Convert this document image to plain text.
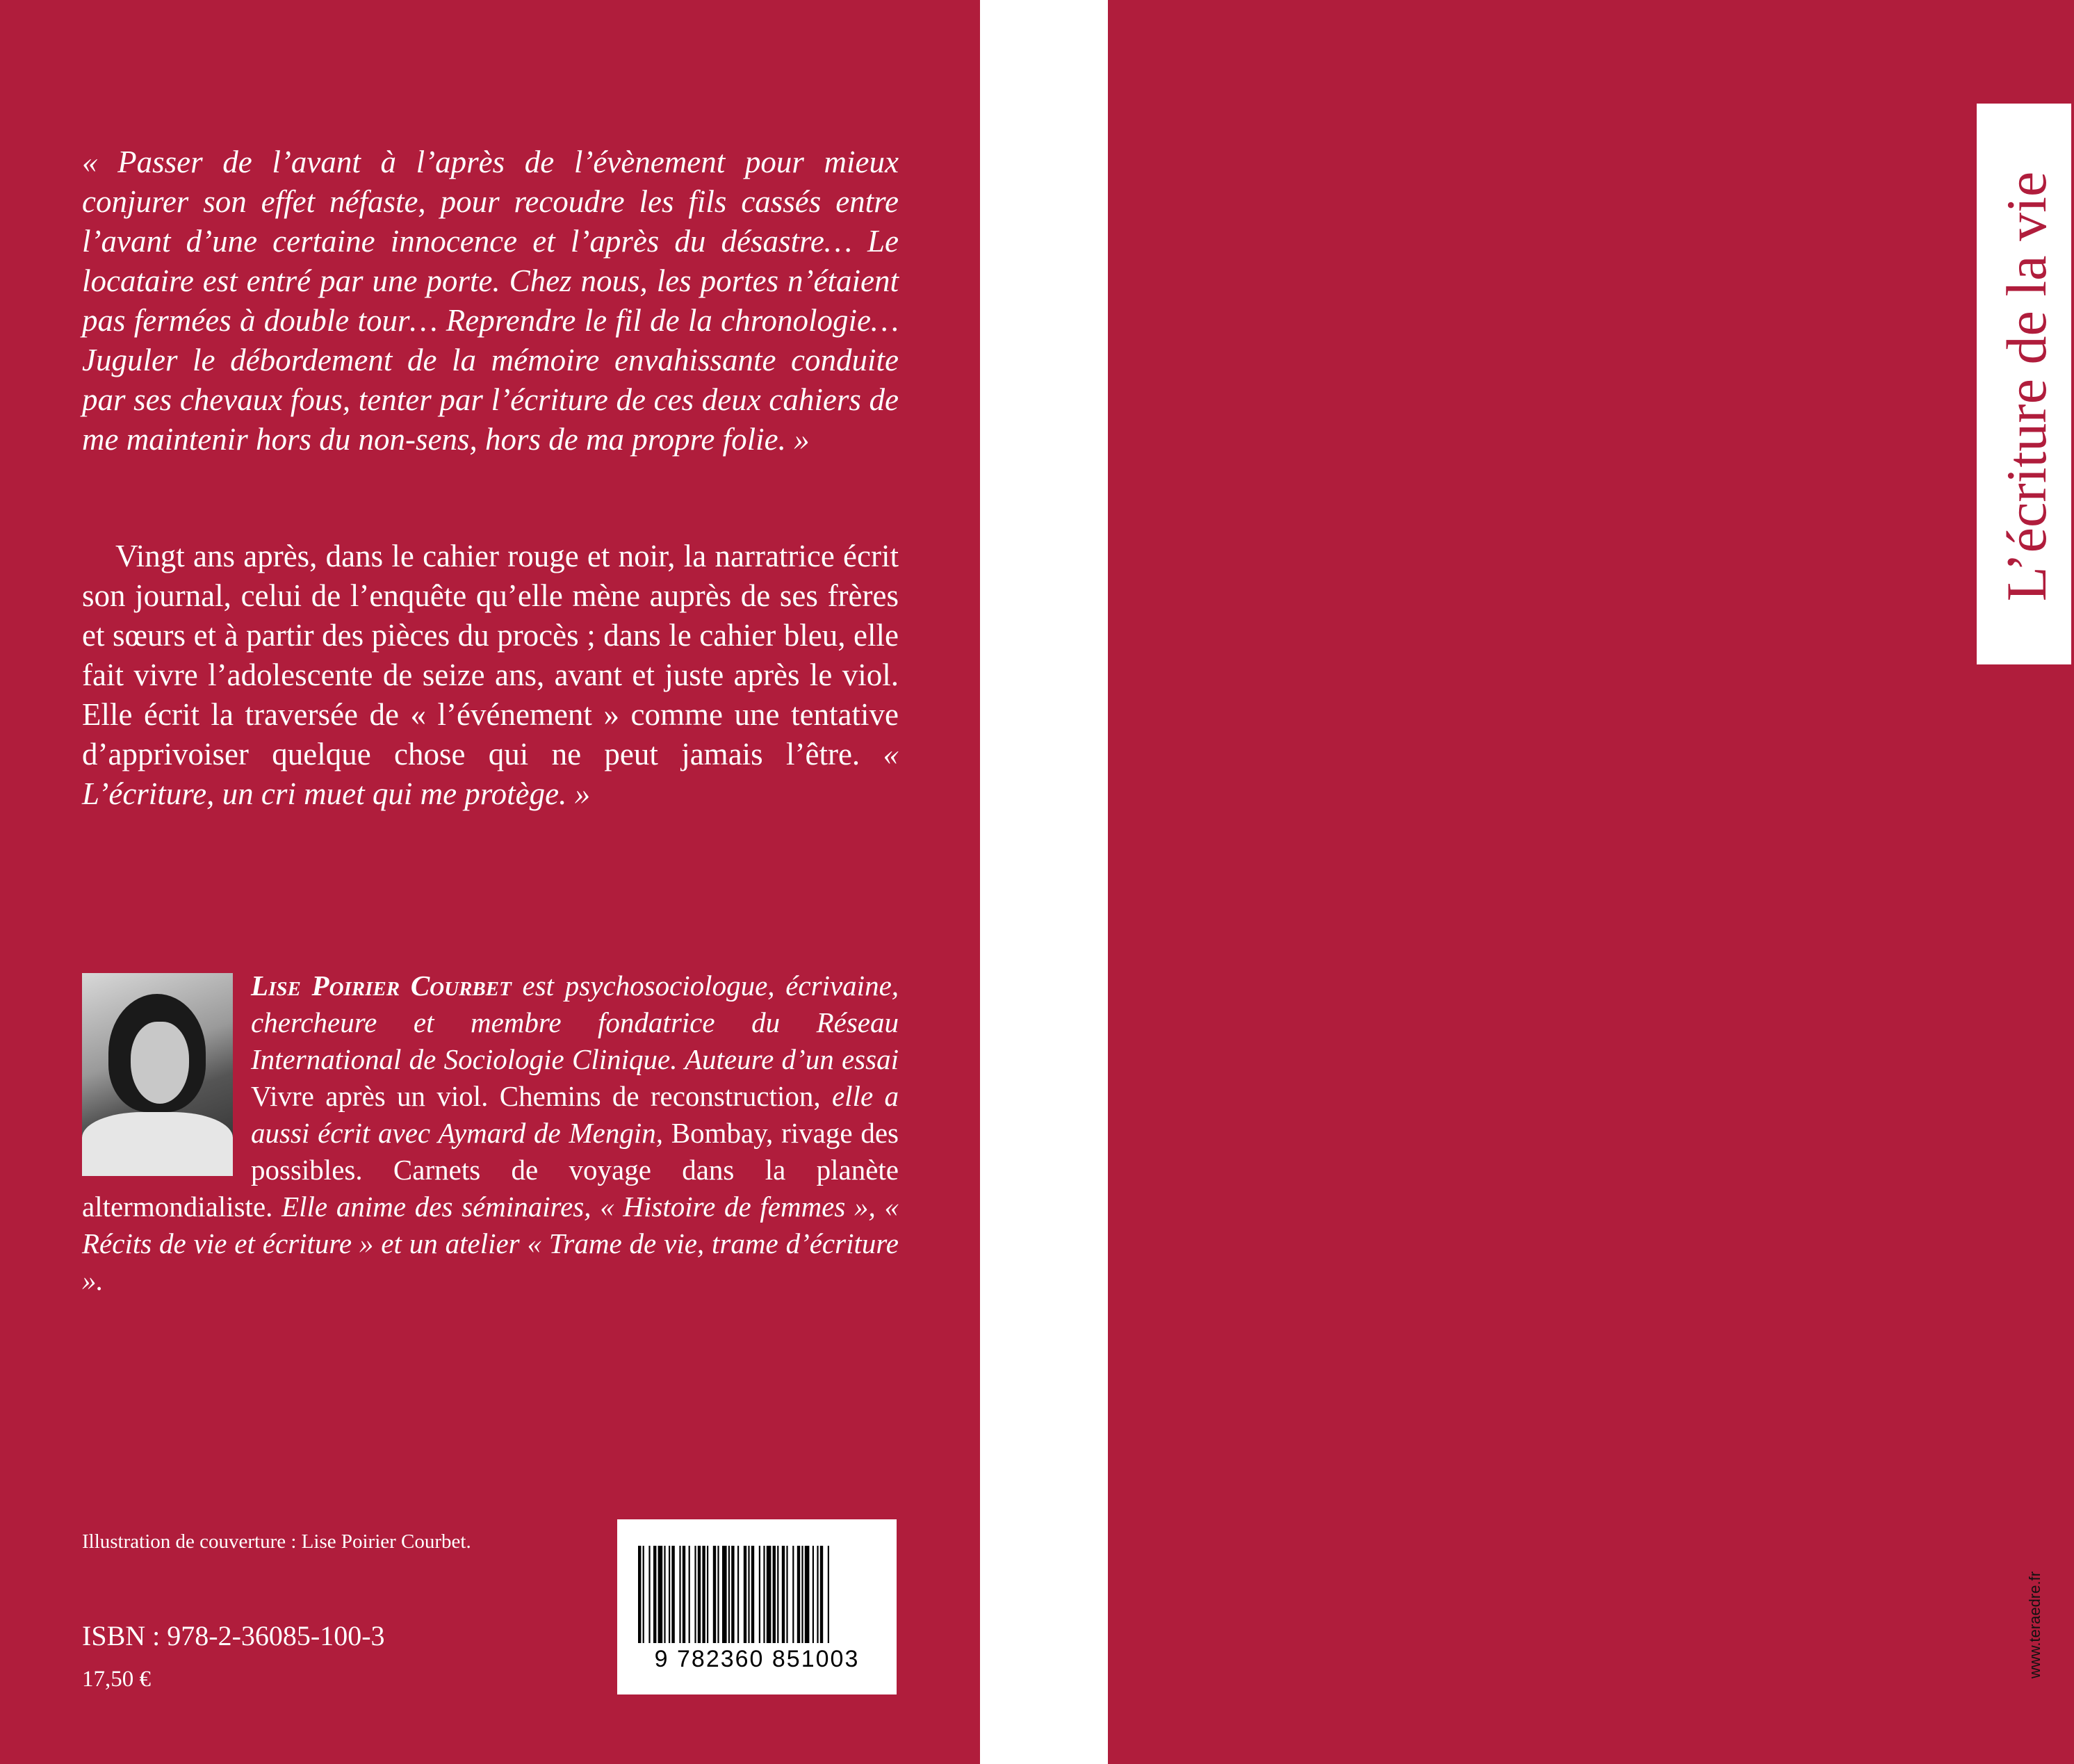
L’écriture de la vie
www.teraedre.fr

« Passer de l’avant à l’après de l’évènement pour mieux conjurer son effet néfaste, pour recoudre les fils cassés entre l’avant d’une certaine innocence et l’après du désastre… Le locataire est entré par une porte. Chez nous, les portes n’étaient pas fermées à double tour… Reprendre le fil de la chronologie… Juguler le débordement de la mémoire envahissante conduite par ses chevaux fous, tenter par l’écriture de ces deux cahiers de me maintenir hors du non-sens, hors de ma propre folie. »

Vingt ans après, dans le cahier rouge et noir, la narratrice écrit son journal, celui de l’enquête qu’elle mène auprès de ses frères et sœurs et à partir des pièces du procès ; dans le cahier bleu, elle fait vivre l’adolescente de seize ans, avant et juste après le viol. Elle écrit la traversée de « l’événement » comme une tentative d’apprivoiser quelque chose qui ne peut jamais l’être. « L’écriture, un cri muet qui me protège. »

Lise Poirier Courbet est psychosociologue, écrivaine, chercheure et membre fondatrice du Réseau International de Sociologie Clinique. Auteure d’un essai Vivre après un viol. Chemins de reconstruction, elle a aussi écrit avec Aymard de Mengin, Bombay, rivage des possibles. Carnets de voyage dans la planète altermondialiste. Elle anime des séminaires, « Histoire de femmes », « Récits de vie et écriture » et un atelier « Trame de vie, trame d’écriture ».

Illustration de couverture : Lise Poirier Courbet.

ISBN : 978-2-36085-100-3

17,50 €

9 782360 851003
